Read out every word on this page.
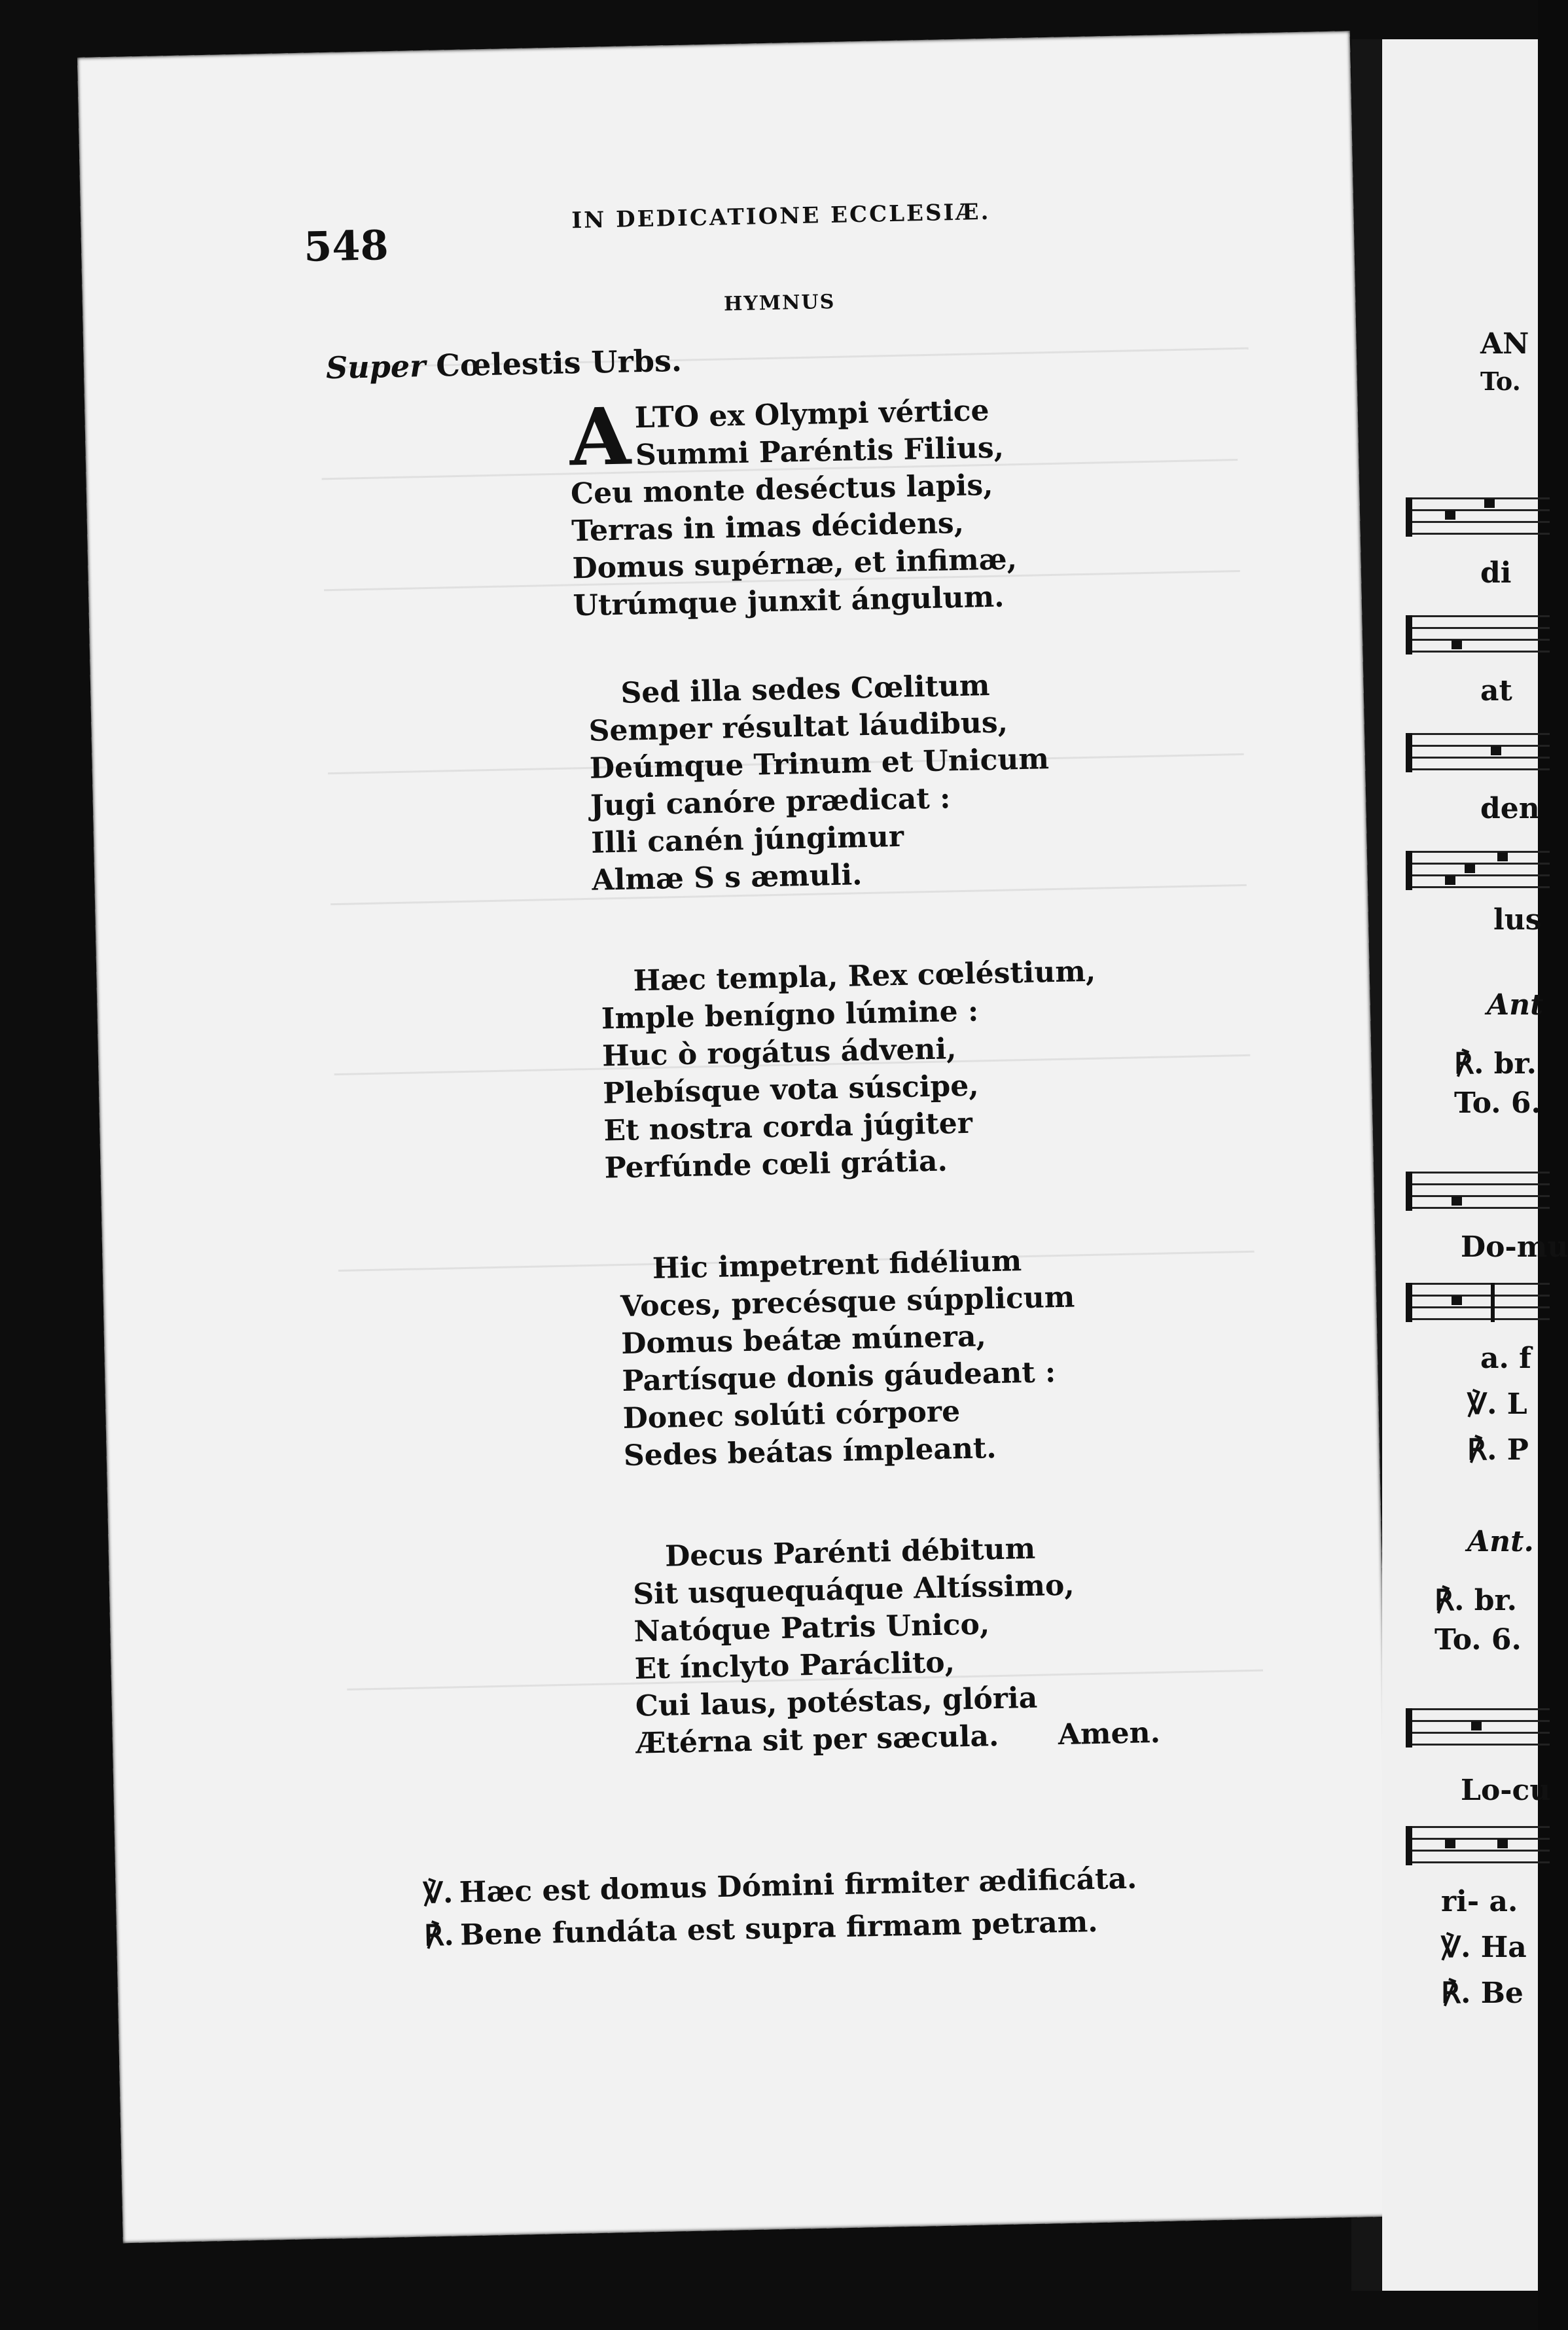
548
IN DEDICATIONE ECCLESIÆ.
HYMNUS
Super Cœlestis Urbs.
A LTO ex Olympi vértice
Summi Paréntis Filius,
Ceu monte deséctus lapis,
Terras in imas décidens,
Domus supérnæ, et infimæ,
Utrúmque junxit ángulum.
Sed illa sedes Cœlitum
Semper résultat láudibus,
Deúmque Trinum et Unicum
Jugi canóre prædicat :
Illi canén júngimur
Almæ S s æmuli.
Hæc templa, Rex cœléstium,
Imple benígno lúmine :
Huc ò rogátus ádveni,
Plebísque vota súscipe,
Et nostra corda júgiter
Perfúnde cœli grátia.
Hic impetrent fidélium
Voces, precésque súpplicum
Domus beátæ múnera,
Partísque donis gáudeant :
Donec solúti córpore
Sedes beátas ímpleant.
Decus Parénti débitum
Sit usquequáque Altíssimo,
Natóque Patris Unico,
Et ínclyto Paráclito,
Cui laus, potéstas, glória
Ætérna sit per sæcula. Amen.
℣. Hæc est domus Dómini firmiter ædificáta.
℟. Bene fundáta est supra firmam petram.
AN
To.
di
at
den
lus
Ant
℟. br.
To. 6.
Do-mu
a. f
℣. L
℟. P
Ant.
℟. br.
To. 6.
Lo-cu
ri- a.
℣. Ha
℟. Be
